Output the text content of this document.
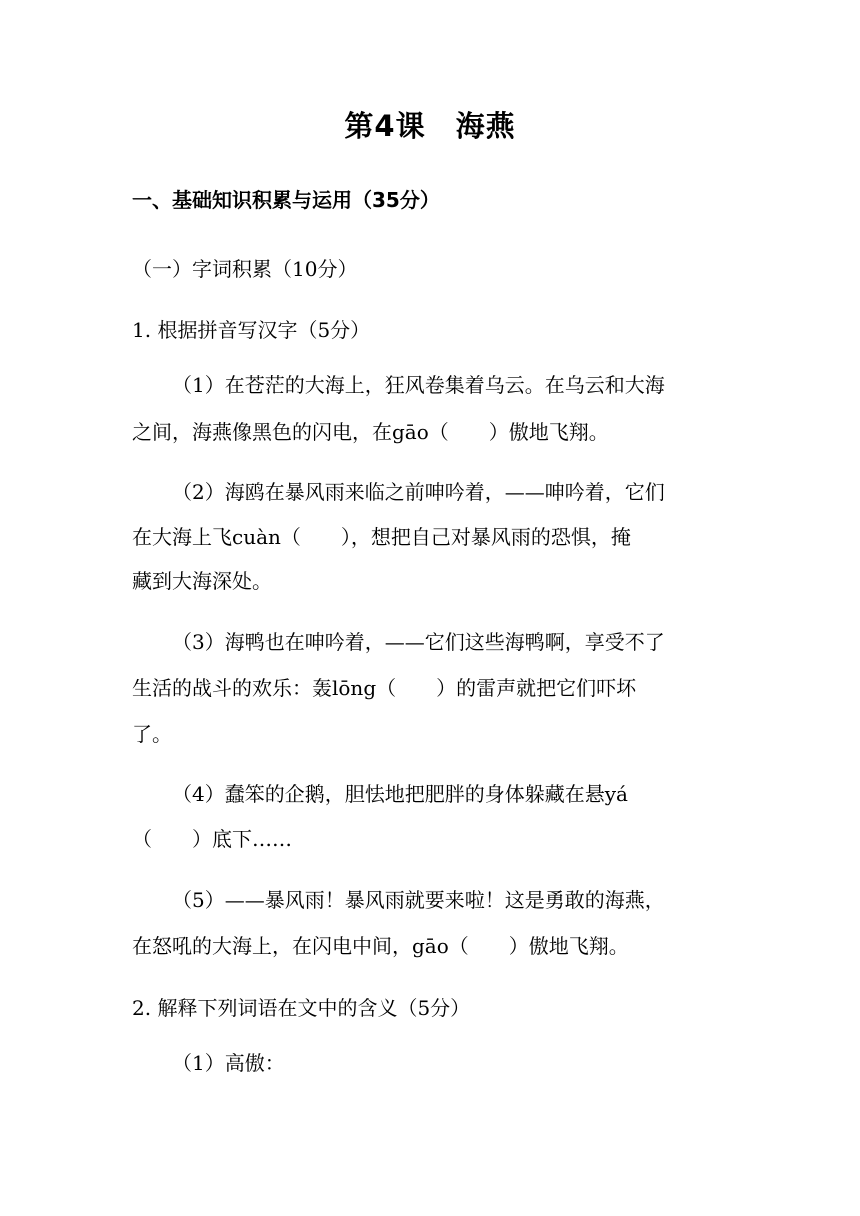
第4课　海燕
一、基础知识积累与运用（35分）
（一）字词积累（10分）
1. 根据拼音写汉字（5分）
（1）在苍茫的大海上，狂风卷集着乌云。在乌云和大海
之间，海燕像黑色的闪电，在gāo（　　）傲地飞翔。
（2）海鸥在暴风雨来临之前呻吟着，——呻吟着，它们
在大海上飞cuàn（　　），想把自己对暴风雨的恐惧，掩
藏到大海深处。
（3）海鸭也在呻吟着，——它们这些海鸭啊，享受不了
生活的战斗的欢乐：轰lōng（　　）的雷声就把它们吓坏
了。
（4）蠢笨的企鹅，胆怯地把肥胖的身体躲藏在悬yá
（　　）底下……
（5）——暴风雨！暴风雨就要来啦！这是勇敢的海燕，
在怒吼的大海上，在闪电中间，gāo（　　）傲地飞翔。
2. 解释下列词语在文中的含义（5分）
（1）高傲：
